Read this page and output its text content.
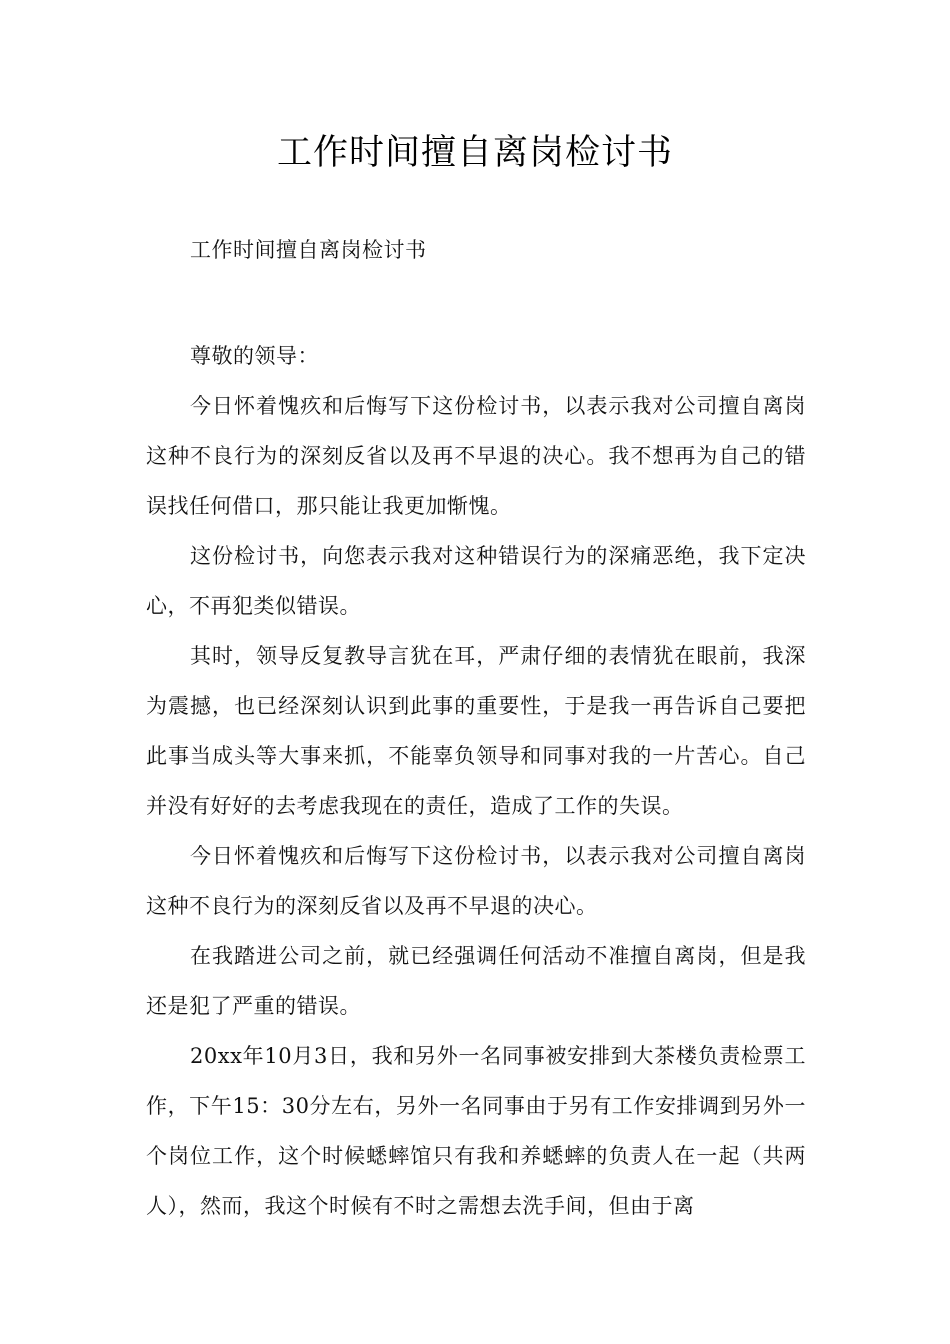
工作时间擅自离岗检讨书

工作时间擅自离岗检讨书

尊敬的领导：

今日怀着愧疚和后悔写下这份检讨书，以表示我对公司擅自离岗这种不良行为的深刻反省以及再不早退的决心。我不想再为自己的错误找任何借口，那只能让我更加惭愧。

这份检讨书，向您表示我对这种错误行为的深痛恶绝，我下定决心，不再犯类似错误。

其时，领导反复教导言犹在耳，严肃仔细的表情犹在眼前，我深为震撼，也已经深刻认识到此事的重要性，于是我一再告诉自己要把此事当成头等大事来抓，不能辜负领导和同事对我的一片苦心。自己并没有好好的去考虑我现在的责任，造成了工作的失误。

今日怀着愧疚和后悔写下这份检讨书，以表示我对公司擅自离岗这种不良行为的深刻反省以及再不早退的决心。

在我踏进公司之前，就已经强调任何活动不准擅自离岗，但是我还是犯了严重的错误。

20xx年10月3日，我和另外一名同事被安排到大茶楼负责检票工作，下午15：30分左右，另外一名同事由于另有工作安排调到另外一个岗位工作，这个时候蟋蟀馆只有我和养蟋蟀的负责人在一起（共两人），然而，我这个时候有不时之需想去洗手间，但由于离
